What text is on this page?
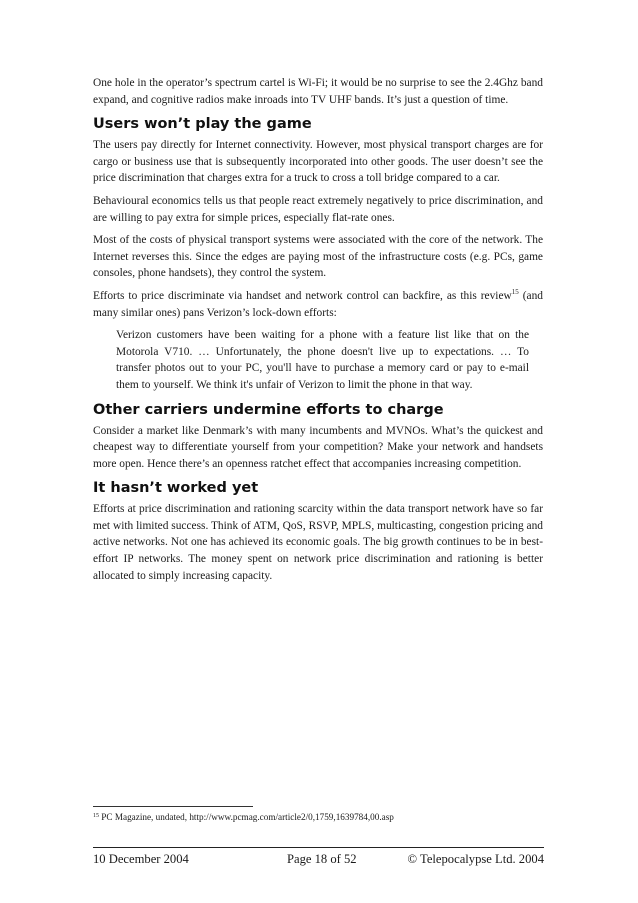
One hole in the operator’s spectrum cartel is Wi-Fi; it would be no surprise to see the 2.4Ghz band expand, and cognitive radios make inroads into TV UHF bands. It’s just a question of time.

Users won’t play the game

The users pay directly for Internet connectivity. However, most physical transport charges are for cargo or business use that is subsequently incorporated into other goods. The user doesn’t see the price discrimination that charges extra for a truck to cross a toll bridge compared to a car.

Behavioural economics tells us that people react extremely negatively to price discrimination, and are willing to pay extra for simple prices, especially flat-rate ones.

Most of the costs of physical transport systems were associated with the core of the network. The Internet reverses this. Since the edges are paying most of the infrastructure costs (e.g. PCs, game consoles, phone handsets), they control the system.

Efforts to price discriminate via handset and network control can backfire, as this review$^{15}$ (and many similar ones) pans Verizon’s lock-down efforts:

Verizon customers have been waiting for a phone with a feature list like that on the Motorola V710. … Unfortunately, the phone doesn't live up to expectations. … To transfer photos out to your PC, you'll have to purchase a memory card or pay to e-mail them to yourself. We think it's unfair of Verizon to limit the phone in that way.
Other carriers undermine efforts to charge

Consider a market like Denmark’s with many incumbents and MVNOs. What’s the quickest and cheapest way to differentiate yourself from your competition? Make your network and handsets more open. Hence there’s an openness ratchet effect that accompanies increasing competition.

It hasn’t worked yet

Efforts at price discrimination and rationing scarcity within the data transport network have so far met with limited success. Think of ATM, QoS, RSVP, MPLS, multicasting, congestion pricing and active networks. Not one has achieved its economic goals. The big growth continues to be in best-effort IP networks. The money spent on network price discrimination and rationing is better allocated to simply increasing capacity.

$^{15}$ PC Magazine, undated, http://www.pcmag.com/article2/0,1759,1639784,00.asp
10 December 2004	Page 18 of 52	© Telepocalypse Ltd. 2004
